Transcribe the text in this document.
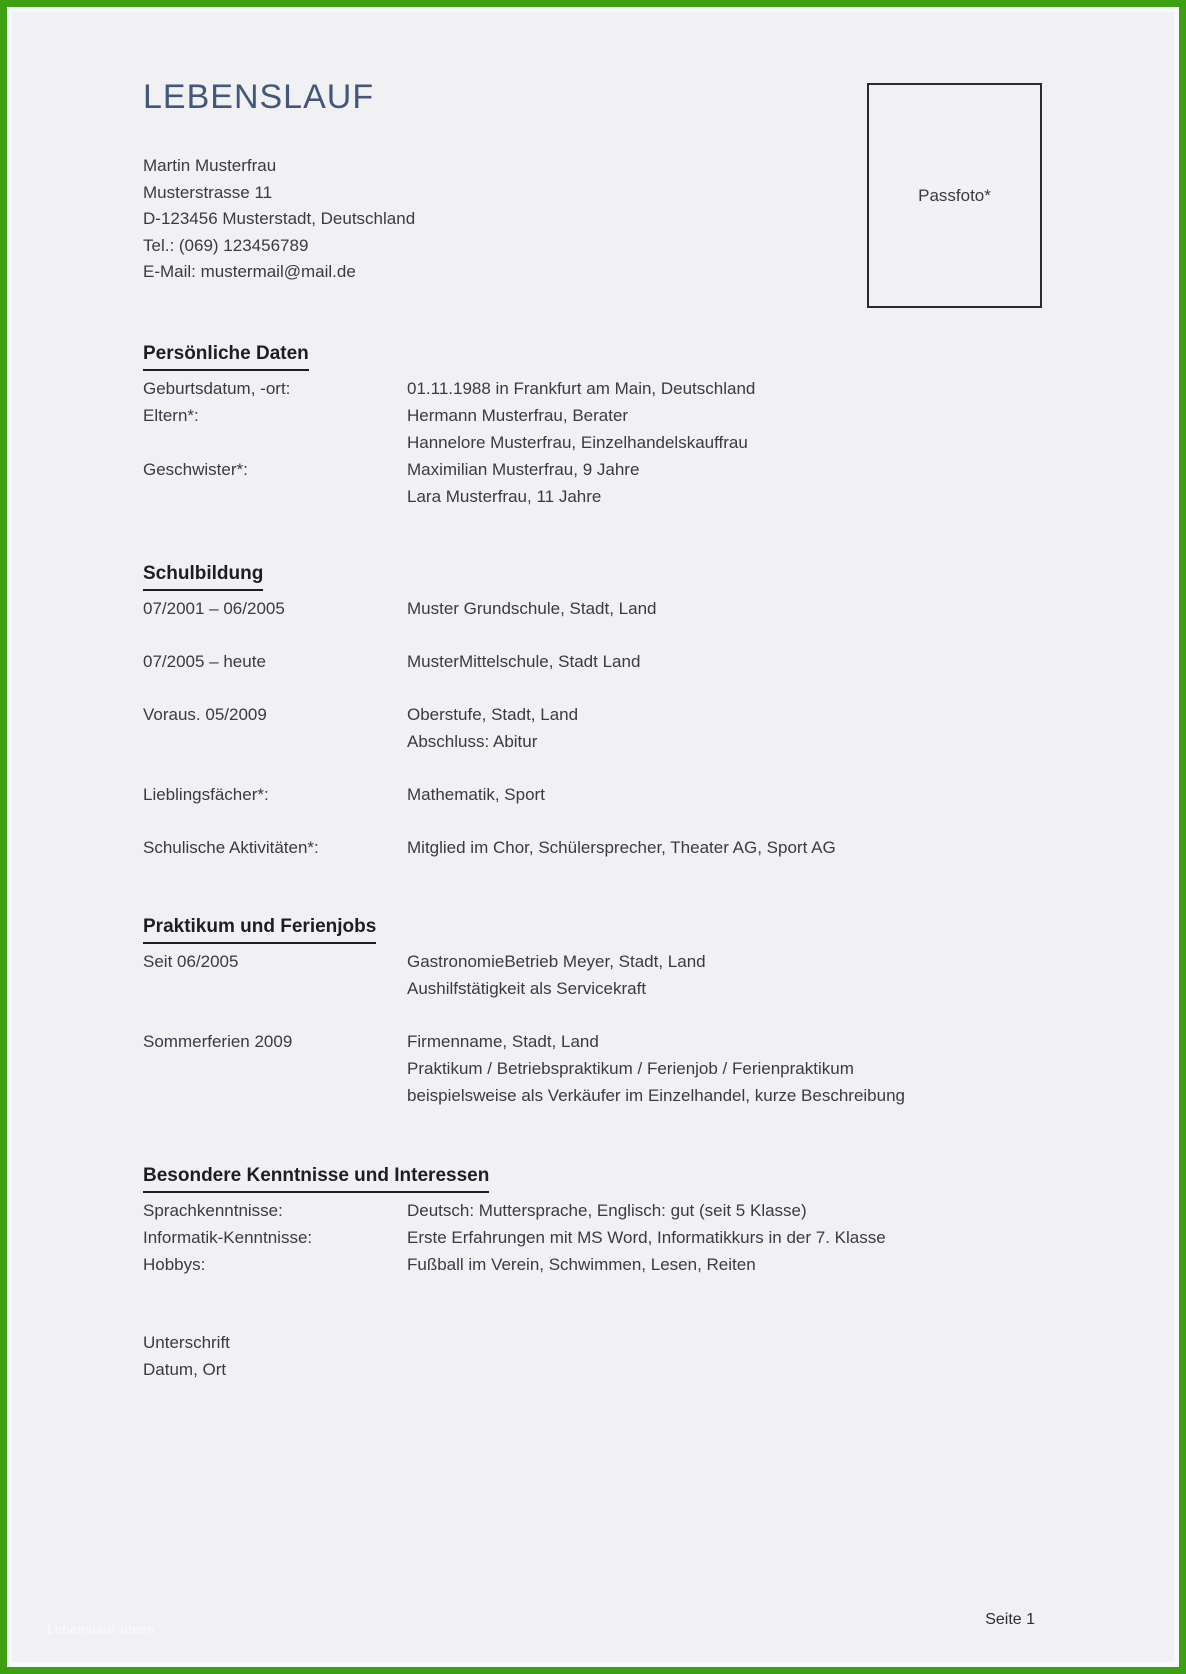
Passfoto*
LEBENSLAUF
Martin Musterfrau
Musterstrasse 11
D-123456 Musterstadt, Deutschland
Tel.: (069) 123456789
E-Mail: mustermail@mail.de
Persönliche Daten
Geburtsdatum, -ort:	01.11.1988 in Frankfurt am Main, Deutschland
Eltern*:	Hermann Musterfrau, Berater
Hannelore Musterfrau, Einzelhandelskauffrau
Geschwister*:	Maximilian Musterfrau, 9 Jahre
Lara Musterfrau, 11 Jahre
Schulbildung
07/2001 – 06/2005	Muster Grundschule, Stadt, Land
07/2005 – heute	MusterMittelschule, Stadt Land
Voraus. 05/2009	Oberstufe, Stadt, Land
Abschluss: Abitur
Lieblingsfächer*:	Mathematik, Sport
Schulische Aktivitäten*:	Mitglied im Chor, Schülersprecher, Theater AG, Sport AG
Praktikum und Ferienjobs
Seit 06/2005	GastronomieBetrieb Meyer, Stadt, Land
Aushilfstätigkeit als Servicekraft
Sommerferien 2009	Firmenname, Stadt, Land
Praktikum / Betriebspraktikum / Ferienjob / Ferienpraktikum
beispielsweise als Verkäufer im Einzelhandel, kurze Beschreibung
Besondere Kenntnisse und Interessen
Sprachkenntnisse:	Deutsch: Muttersprache, Englisch: gut (seit 5 Klasse)
Informatik-Kenntnisse:	Erste Erfahrungen mit MS Word, Informatikkurs in der 7. Klasse
Hobbys:	Fußball im Verein, Schwimmen, Lesen, Reiten
Unterschrift
Datum, Ort
Lebenslauf-Ideen
Seite 1
